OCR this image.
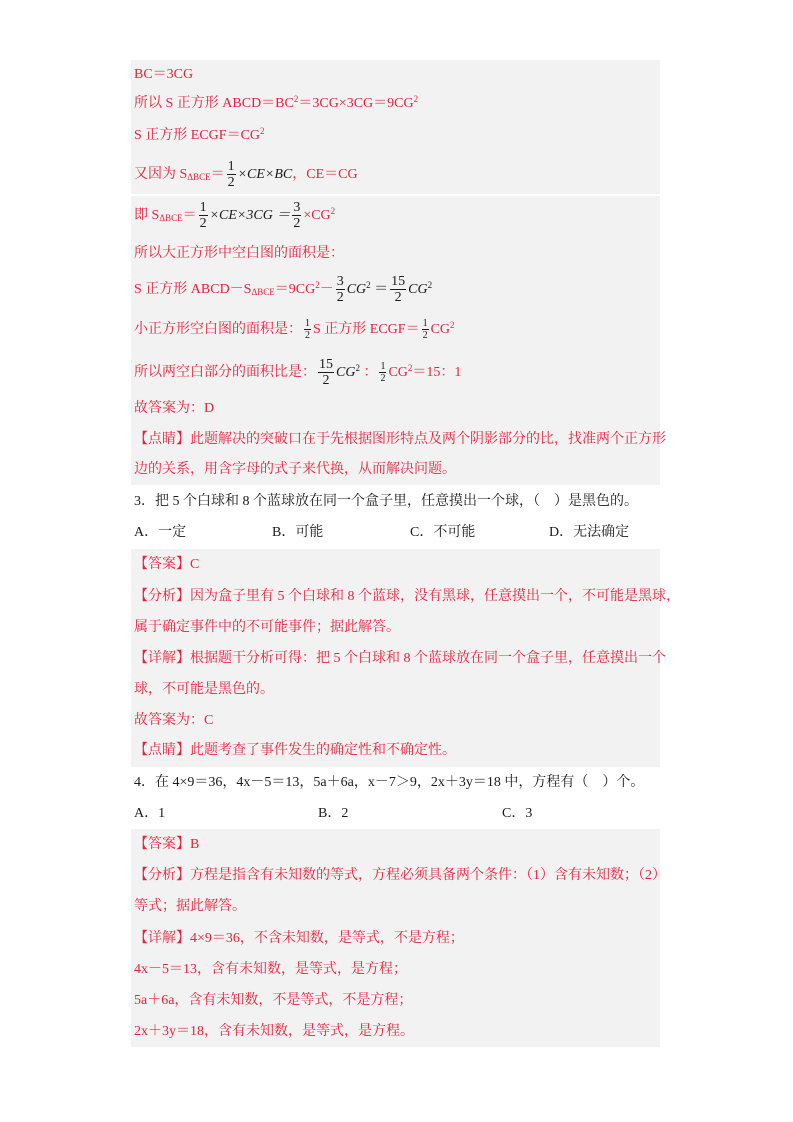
BC＝3CG
所以 S 正方形 $ABCD=BC^2=3CG\times 3CG=9CG^2$
S 正方形 $ECGF=CG^2$
又因为 $S_{\Delta BCE}= \frac{1}{2} \times CE\times BC$，CE＝CG
即 $S_{\Delta BCE}= \frac{1}{2} \times CE\times 3CG = \frac{3}{2} \times CG^2$
所以大正方形中空白图的面积是：
S 正方形 $ABCD-S_{\Delta BCE}=9CG^2- \frac{3}{2} CG^2 = \frac{15}{2} CG^2$
小正方形空白图的面积是： $\frac{1}{2}$ S 正方形 ECGF＝ $\frac{1}{2} CG^2$
所以两空白部分的面积比是： $\frac{15}{2} CG^2$ ： $\frac{1}{2} CG^2=15$：1
故答案为：D
【点睛】此题解决的突破口在于先根据图形特点及两个阴影部分的比，找准两个正方形
边的关系，用含字母的式子来代换，从而解决问题。
3．把 5 个白球和 8 个蓝球放在同一个盒子里，任意摸出一个球，（　）是黑色的。
A．一定	B．可能	C．不可能	D．无法确定
【答案】C
【分析】因为盒子里有 5 个白球和 8 个蓝球，没有黑球，任意摸出一个，不可能是黑球，
属于确定事件中的不可能事件；据此解答。
【详解】根据题干分析可得：把 5 个白球和 8 个蓝球放在同一个盒子里，任意摸出一个
球，不可能是黑色的。
故答案为：C
【点睛】此题考查了事件发生的确定性和不确定性。
4．在 4×9＝36，4x－5＝13，5a＋6a，x－7＞9，2x＋3y＝18 中，方程有（　）个。
A．1	B．2	C．3
【答案】B
【分析】方程是指含有未知数的等式，方程必须具备两个条件：（1）含有未知数；（2）
等式；据此解答。
【详解】4×9＝36，不含未知数，是等式，不是方程；
4x－5＝13，含有未知数，是等式，是方程；
5a＋6a，含有未知数，不是等式，不是方程；
2x＋3y＝18，含有未知数，是等式，是方程。
